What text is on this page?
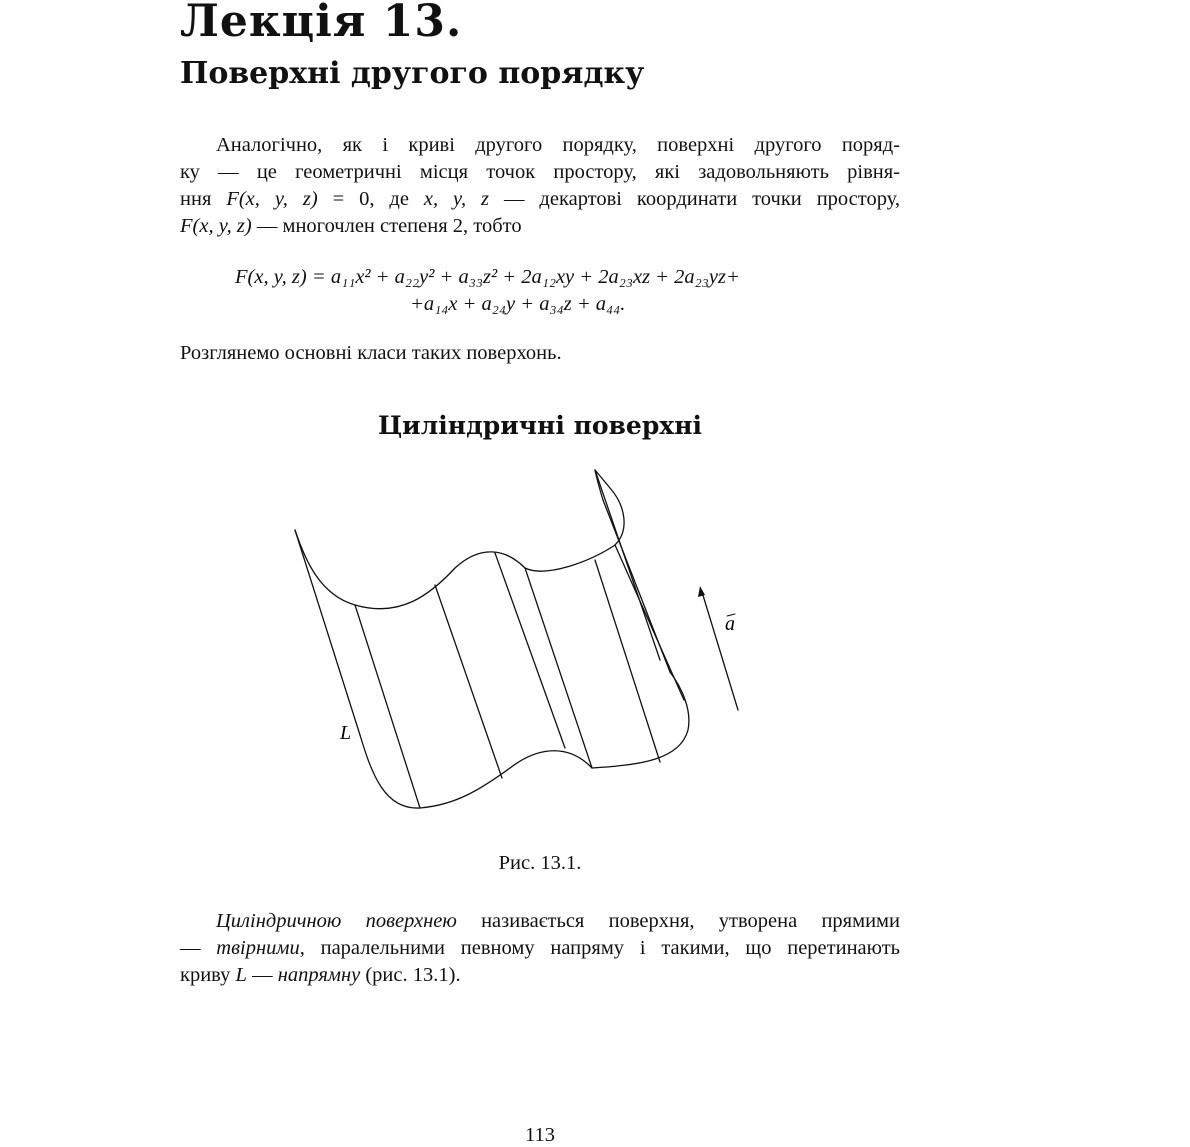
Лекція 13.
Поверхні другого порядку
Аналогічно, як і криві другого порядку, поверхні другого поряд-
ку — це геометричні місця точок простору, які задовольняють рівня-
ння F(x, y, z) = 0, де x, y, z — декартові координати точки простору,
F(x, y, z) — многочлен степеня 2, тобто
F(x, y, z) = a₁₁x² + a₂₂y² + a₃₃z² + 2a₁₂xy + 2a₂₃xz + 2a₂₃yz+
+a₁₄x + a₂₄y + a₃₄z + a₄₄.
Розглянемо основні класи таких поверхонь.
Циліндричні поверхні
L
a
Рис. 13.1.
Циліндричною поверхнею називається поверхня, утворена прямими
— твірними, паралельними певному напряму і такими, що перетинають
криву L — напрямну (рис. 13.1).
113
